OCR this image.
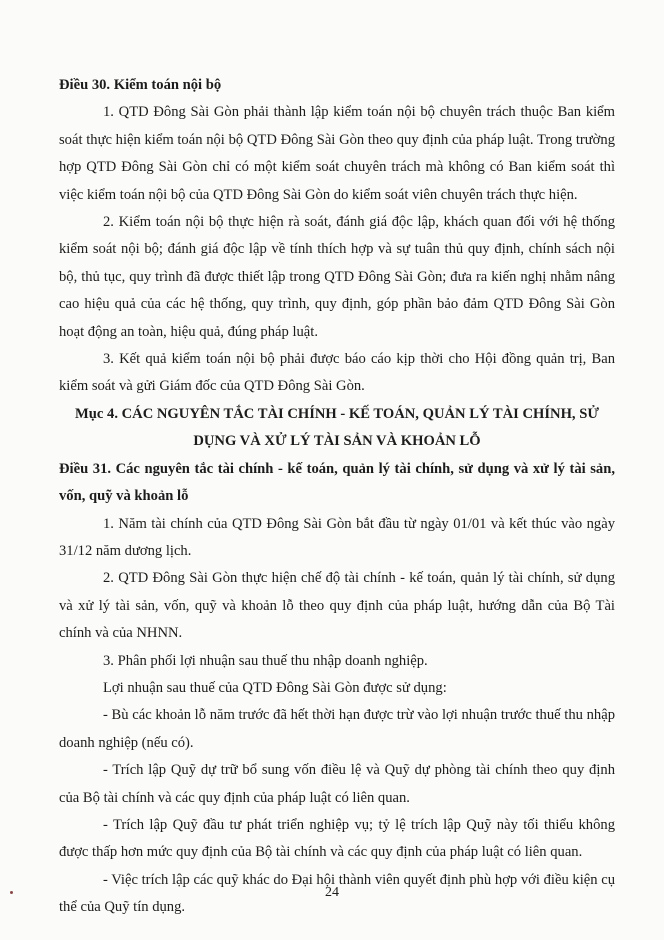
Điều 30. Kiểm toán nội bộ

1. QTD Đông Sài Gòn phải thành lập kiểm toán nội bộ chuyên trách thuộc Ban kiểm soát thực hiện kiểm toán nội bộ QTD Đông Sài Gòn theo quy định của pháp luật. Trong trường hợp QTD Đông Sài Gòn chỉ có một kiểm soát chuyên trách mà không có Ban kiểm soát thì việc kiểm toán nội bộ của QTD Đông Sài Gòn do kiểm soát viên chuyên trách thực hiện.

2. Kiểm toán nội bộ thực hiện rà soát, đánh giá độc lập, khách quan đối với hệ thống kiểm soát nội bộ; đánh giá độc lập về tính thích hợp và sự tuân thủ quy định, chính sách nội bộ, thủ tục, quy trình đã được thiết lập trong QTD Đông Sài Gòn; đưa ra kiến nghị nhằm nâng cao hiệu quả của các hệ thống, quy trình, quy định, góp phần bảo đảm QTD Đông Sài Gòn hoạt động an toàn, hiệu quả, đúng pháp luật.

3. Kết quả kiểm toán nội bộ phải được báo cáo kịp thời cho Hội đồng quản trị, Ban kiểm soát và gửi Giám đốc của QTD Đông Sài Gòn.

Mục 4. CÁC NGUYÊN TẮC TÀI CHÍNH - KẾ TOÁN, QUẢN LÝ TÀI CHÍNH, SỬ DỤNG VÀ XỬ LÝ TÀI SẢN VÀ KHOẢN LỖ

Điều 31. Các nguyên tắc tài chính - kế toán, quản lý tài chính, sử dụng và xử lý tài sản, vốn, quỹ và khoản lỗ

1. Năm tài chính của QTD Đông Sài Gòn bắt đầu từ ngày 01/01 và kết thúc vào ngày 31/12 năm dương lịch.

2. QTD Đông Sài Gòn thực hiện chế độ tài chính - kế toán, quản lý tài chính, sử dụng và xử lý tài sản, vốn, quỹ và khoản lỗ theo quy định của pháp luật, hướng dẫn của Bộ Tài chính và của NHNN.

3. Phân phối lợi nhuận sau thuế thu nhập doanh nghiệp.

Lợi nhuận sau thuế của QTD Đông Sài Gòn được sử dụng:

- Bù các khoản lỗ năm trước đã hết thời hạn được trừ vào lợi nhuận trước thuế thu nhập doanh nghiệp (nếu có).

- Trích lập Quỹ dự trữ bổ sung vốn điều lệ và Quỹ dự phòng tài chính theo quy định của Bộ tài chính và các quy định của pháp luật có liên quan.

- Trích lập Quỹ đầu tư phát triển nghiệp vụ; tỷ lệ trích lập Quỹ này tối thiểu không được thấp hơn mức quy định của Bộ tài chính và các quy định của pháp luật có liên quan.

- Việc trích lập các quỹ khác do Đại hội thành viên quyết định phù hợp với điều kiện cụ thể của Quỹ tín dụng.

24
